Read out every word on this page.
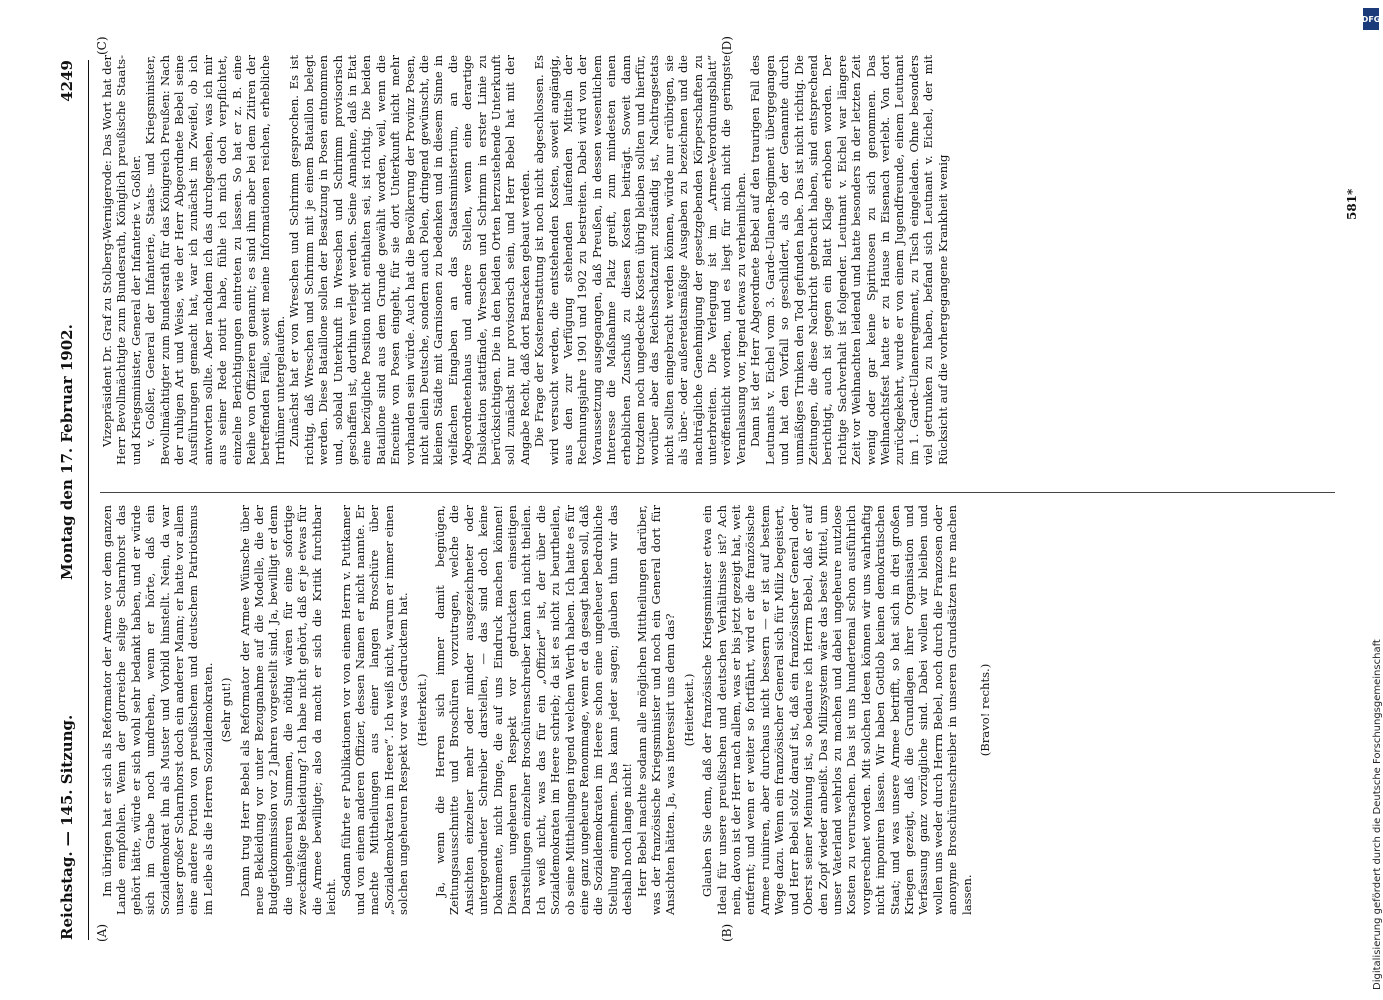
Reichstag. — 145. Sitzung.
Montag den 17. Februar 1902.
4249
(A)	(B)
(C)	(D)

Im übrigen hat er sich als Reformator der Armee vor dem ganzen Lande empfohlen. Wenn der glorreiche selige Scharnhorst das gehört hätte, würde er sich wohl sehr bedankt haben, und er würde sich im Grabe noch umdrehen, wenn er hörte, daß ein Sozialdemokrat ihn als Muster und Vorbild hinstellt. Nein, da war unser großer Scharnhorst doch ein anderer Mann; er hatte vor allem eine andere Portion von preußischem und deutschem Patriotismus im Leibe als die Herren Sozialdemokraten. (Sehr gut!) Dann trug Herr Bebel als Reformator der Armee Wünsche über neue Bekleidung vor unter Bezugnahme auf die Modelle, die der Budgetkommission vor 2 Jahren vorgestellt sind. Ja, bewilligt er denn die ungeheuren Summen, die nöthig wären für eine sofortige zweckmäßige Bekleidung? Ich habe nicht gehört, daß er je etwas für die Armee bewilligte; also da macht er sich die Kritik furchtbar leicht. Sodann führte er Publikationen vor von einem Herrn v. Puttkamer und von einem anderen Offizier, dessen Namen er nicht nannte. Er machte Mittheilungen aus einer langen Broschüre über „Sozialdemokraten im Heere“. Ich weiß nicht, warum er immer einen solchen ungeheuren Respekt vor was Gedrucktem hat. (Heiterkeit.) Ja, wenn die Herren sich immer damit begnügen, Zeitungsausschnitte und Broschüren vorzutragen, welche die Ansichten einzelner mehr oder minder ausgezeichneter oder untergeordneter Schreiber darstellen, — das sind doch keine Dokumente, nicht Dinge, die auf uns Eindruck machen können! Diesen ungeheuren Respekt vor gedruckten einseitigen Darstellungen einzelner Broschürenschreiber kann ich nicht theilen. Ich weiß nicht, was das für ein „Offizier“ ist, der über die Sozialdemokraten im Heere schrieb; da ist es nicht zu beurtheilen, ob seine Mittheilungen irgend welchen Werth haben. Ich hatte es für eine ganz ungeheure Renommage, wenn er da gesagt haben soll, daß die Sozialdemokraten im Heere schon eine ungeheuer bedrohliche Stellung einnehmen. Das kann jeder sagen; glauben thun wir das deshalb noch lange nicht! Herr Bebel machte sodann alle möglichen Mittheilungen darüber, was der französische Kriegsminister und noch ein General dort für Ansichten hätten. Ja, was interessirt uns denn das? (Heiterkeit.) Glauben Sie denn, daß der französische Kriegsminister etwa ein Ideal für unsere preußischen und deutschen Verhältnisse ist? Ach nein, davon ist der Herr nach allem, was er bis jetzt gezeigt hat, weit entfernt; und wenn er weiter so fortfährt, wird er die französische Armee ruiniren, aber durchaus nicht bessern — er ist auf bestem Wege dazu. Wenn ein französischer General sich für Miliz begeistert, und Herr Bebel stolz darauf ist, daß ein französischer General oder Oberst seiner Meinung ist, so bedaure ich Herrn Bebel, daß er auf den Zopf wieder anbeißt. Das Milizsystem wäre das beste Mittel, um unser Vaterland wehrlos zu machen und dabei ungeheure nutzlose Kosten zu verursachen. Das ist uns hundertemal schon ausführlich vorgerechnet worden. Mit solchen Ideen können wir uns wahrhaftig nicht imponiren lassen. Wir haben Gottlob keinen demokratischen Staat; und was unsere Armee betrifft, so hat sich in drei großen Kriegen gezeigt, daß die Grundlagen ihrer Organisation und Verfassung ganz vorzügliche sind. Dabei wollen wir bleiben und wollen uns weder durch Herrn Bebel, noch durch die Franzosen oder anonyme Broschürenschreiber in unseren Grundsätzen irre machen lassen.

(Bravo! rechts.)

Vizepräsident Dr. Graf zu Stolberg-Wernigerode: Das Wort hat der Herr Bevollmächtigte zum Bundesrath, Königlich preußische Staats- und Kriegsminister, General der Infanterie v. Goßler. v. Goßler, General der Infanterie, Staats- und Kriegsminister, Bevollmächtigter zum Bundesrath für das Königreich Preußen: Nach der ruhigen Art und Weise, wie der Herr Abgeordnete Bebel seine Ausführungen gemacht hat, war ich zunächst im Zweifel, ob ich antworten sollte. Aber nachdem ich das durchgesehen, was ich mir aus seiner Rede notirt habe, fühle ich mich doch verpflichtet, einzelne Berichtigungen eintreten zu lassen. So hat er z. B. eine Reihe von Offizieren genannt; es sind ihm aber bei dem Zitiren der betreffenden Fälle, soweit meine Informationen reichen, erhebliche Irrthümer untergelaufen. Zunächst hat er von Wreschen und Schrimm gesprochen. Es ist richtig, daß Wreschen und Schrimm mit je einem Bataillon belegt werden. Diese Bataillone sollen der Besatzung in Posen entnommen und, sobald Unterkunft in Wreschen und Schrimm provisorisch geschaffen ist, dorthin verlegt werden. Seine Annahme, daß in Etat eine bezügliche Position nicht enthalten sei, ist richtig. Die beiden Bataillone sind aus dem Grunde gewählt worden, weil, wenn die Enceinte von Posen eingeht, für sie dort Unterkunft nicht mehr vorhanden sein würde. Auch hat die Bevölkerung der Provinz Posen, nicht allein Deutsche, sondern auch Polen, dringend gewünscht, die kleinen Städte mit Garnisonen zu bedenken und in diesem Sinne in vielfachen Eingaben an das Staatsministerium, an die Abgeordnetenhaus und andere Stellen, wenn eine derartige Dislokation stattfände, Wreschen und Schrimm in erster Linie zu berücksichtigen. Die in den beiden Orten herzustehende Unterkunft soll zunächst nur provisorisch sein, und Herr Bebel hat mit der Angabe Recht, daß dort Baracken gebaut werden. Die Frage der Kostenerstattung ist noch nicht abgeschlossen. Es wird versucht werden, die entstehenden Kosten, soweit angängig, aus den zur Verfügung stehenden laufenden Mitteln der Rechnungsjahre 1901 und 1902 zu bestreiten. Dabei wird von der Voraussetzung ausgegangen, daß Preußen, in dessen wesentlichem Interesse die Maßnahme Platz greift, zum mindesten einen erheblichen Zuschuß zu diesen Kosten beiträgt. Soweit dann trotzdem noch ungedeckte Kosten übrig bleiben sollten und hierfür, worüber aber das Reichsschatzamt zuständig ist, Nachtragsetats nicht sollten eingebracht werden können, würde nur erübrigen, sie als über- oder außeretatsmäßige Ausgaben zu bezeichnen und die nachträgliche Genehmigung der gesetzgebenden Körperschaften zu unterbreiten. Die Verlegung ist im „Armee-Verordnungsblatt“ veröffentlicht worden, und es liegt für mich nicht die geringste Veranlassung vor, irgend etwas zu verheimlichen. Dann ist der Herr Abgeordnete Bebel auf den traurigen Fall des Leutnants v. Eichel vom 3. Garde-Ulanen-Regiment übergegangen und hat den Vorfall so geschildert, als ob der Genannte durch unmäßiges Trinken den Tod gefunden habe. Das ist nicht richtig. Die Zeitungen, die diese Nachricht gebracht haben, sind entsprechend berichtigt, auch ist gegen ein Blatt Klage erhoben worden. Der richtige Sachverhalt ist folgender. Leutnant v. Eichel war längere Zeit vor Weihnachten leidend und hatte besonders in der letzten Zeit wenig oder gar keine Spirituosen zu sich genommen. Das Weihnachtsfest hatte er zu Hause in Eisenach verlebt. Von dort zurückgekehrt, wurde er von einem Jugendfreunde, einem Leutnant im 1. Garde-Ulanenregiment, zu Tisch eingeladen. Ohne besonders viel getrunken zu haben, befand sich Leutnant v. Eichel, der mit Rücksicht auf die vorhergegangene Krankheit wenig	581*
DFG
Digitalisierung gefördert durch die Deutsche Forschungsgemeinschaft
